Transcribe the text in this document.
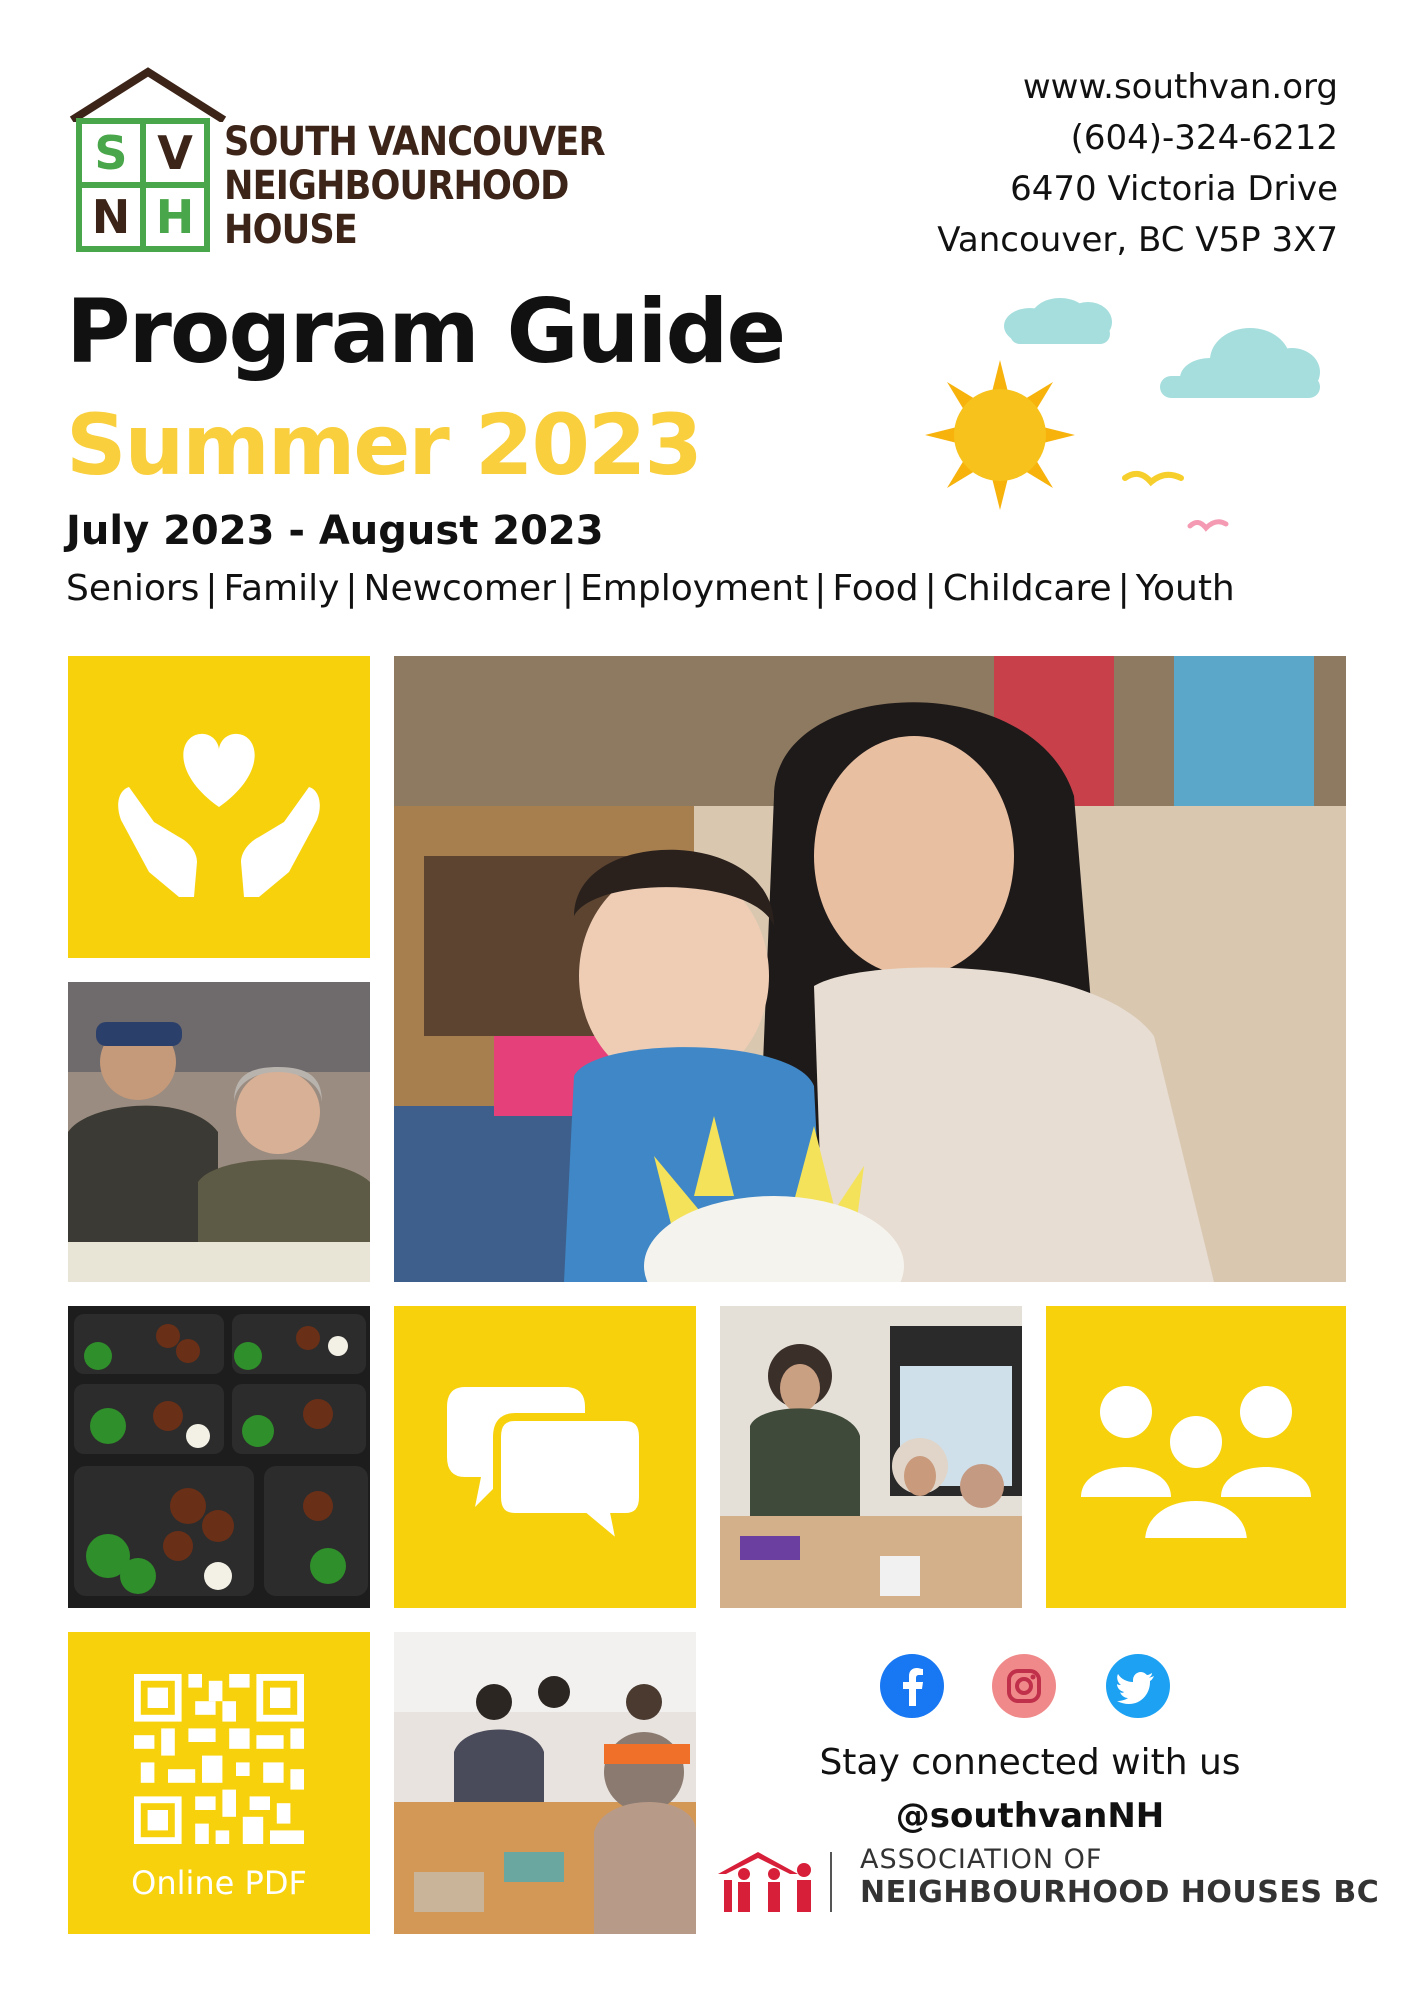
S V
N H
SOUTH VANCOUVER
NEIGHBOURHOOD
HOUSE
www.southvan.org
(604)-324-6212
6470 Victoria Drive
Vancouver, BC V5P 3X7
Program Guide
Summer 2023
July 2023 - August 2023
Seniors | Family | Newcomer | Employment | Food | Childcare | Youth
Online PDF
Stay connected with us
@southvanNH
ASSOCIATION OF
NEIGHBOURHOOD HOUSES BC
